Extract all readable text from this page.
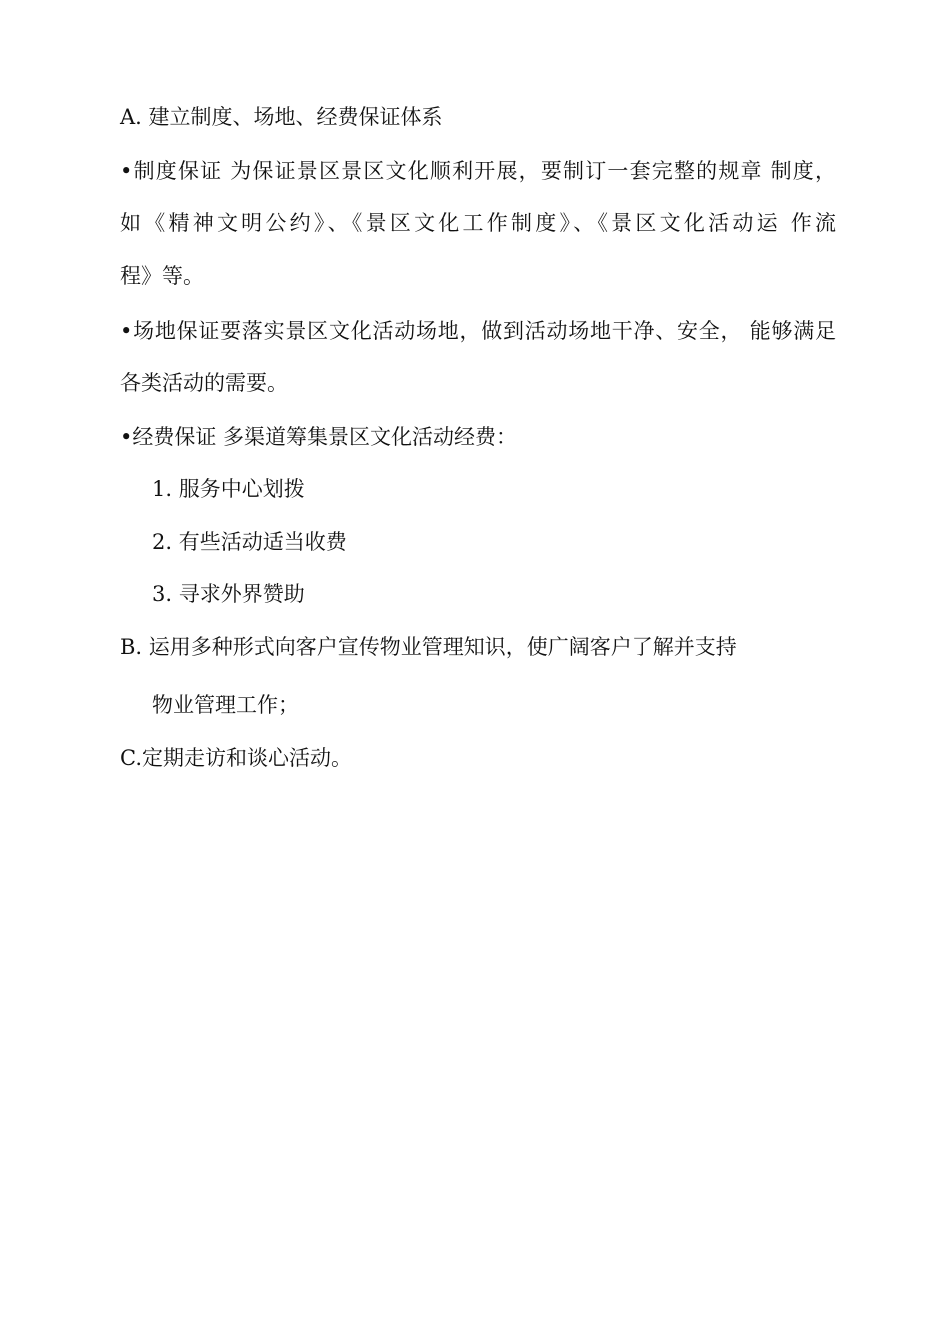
A. 建立制度、场地、经费保证体系
•制度保证 为保证景区景区文化顺利开展，要制订一套完整的规章 制度，
如《精神文明公约》、《景区文化工作制度》、《景区文化活动运 作流
程》等。
•场地保证要落实景区文化活动场地，做到活动场地干净、安全， 能够满足
各类活动的需要。
•经费保证 多渠道筹集景区文化活动经费：
1. 服务中心划拨
2. 有些活动适当收费
3. 寻求外界赞助
B. 运用多种形式向客户宣传物业管理知识，使广阔客户了解并支持
物业管理工作；
C.定期走访和谈心活动。
